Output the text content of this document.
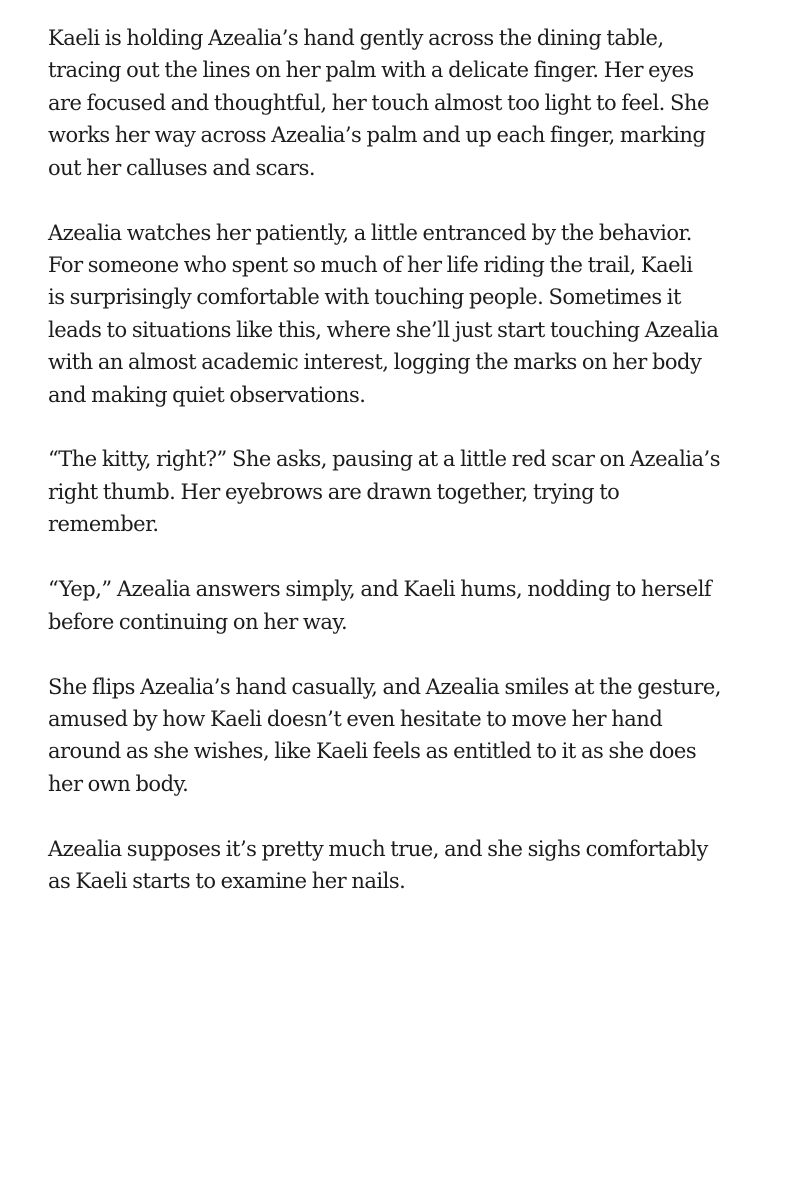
Kaeli is holding Azealia’s hand gently across the dining table,
tracing out the lines on her palm with a delicate finger. Her eyes
are focused and thoughtful, her touch almost too light to feel. She
works her way across Azealia’s palm and up each finger, marking
out her calluses and scars.

Azealia watches her patiently, a little entranced by the behavior.
For someone who spent so much of her life riding the trail, Kaeli
is surprisingly comfortable with touching people. Sometimes it
leads to situations like this, where she’ll just start touching Azealia
with an almost academic interest, logging the marks on her body
and making quiet observations.

“The kitty, right?” She asks, pausing at a little red scar on Azealia’s
right thumb. Her eyebrows are drawn together, trying to
remember.

“Yep,” Azealia answers simply, and Kaeli hums, nodding to herself
before continuing on her way.

She flips Azealia’s hand casually, and Azealia smiles at the gesture,
amused by how Kaeli doesn’t even hesitate to move her hand
around as she wishes, like Kaeli feels as entitled to it as she does
her own body.

Azealia supposes it’s pretty much true, and she sighs comfortably
as Kaeli starts to examine her nails.
